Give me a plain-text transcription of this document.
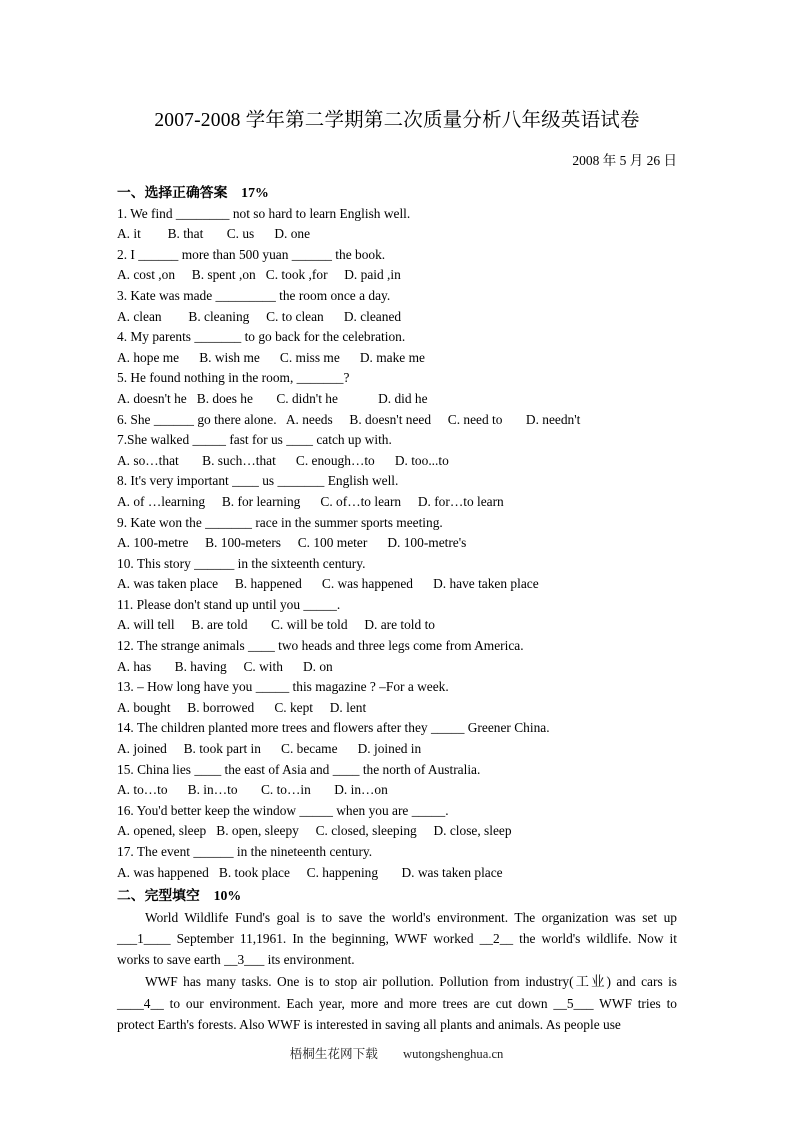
2007-2008 学年第二学期第二次质量分析八年级英语试卷
2008 年 5 月 26 日
一、选择正确答案    17%
1. We find ________ not so hard to learn English well.
A. it        B. that       C. us      D. one
2. I ______ more than 500 yuan ______ the book.
A. cost ,on     B. spent ,on   C. took ,for     D. paid ,in
3. Kate was made _________ the room once a day.
A. clean        B. cleaning     C. to clean      D. cleaned
4. My parents _______ to go back for the celebration.
A. hope me      B. wish me      C. miss me      D. make me
5. He found nothing in the room, _______?
A. doesn't he   B. does he       C. didn't he            D. did he
6. She ______ go there alone.   A. needs     B. doesn't need     C. need to       D. needn't
7.She walked _____ fast for us ____ catch up with.
A. so…that       B. such…that      C. enough…to      D. too...to
8. It's very important ____ us _______ English well.
A. of …learning     B. for learning      C. of…to learn     D. for…to learn
9. Kate won the _______ race in the summer sports meeting.
A. 100-metre     B. 100-meters     C. 100 meter      D. 100-metre's
10. This story ______ in the sixteenth century.
A. was taken place     B. happened      C. was happened      D. have taken place
11. Please don't stand up until you _____.
A. will tell     B. are told       C. will be told     D. are told to
12. The strange animals ____ two heads and three legs come from America.
A. has       B. having     C. with      D. on
13. – How long have you _____ this magazine ? –For a week.
A. bought     B. borrowed      C. kept     D. lent
14. The children planted more trees and flowers after they _____ Greener China.
A. joined     B. took part in      C. became      D. joined in
15. China lies ____ the east of Asia and ____ the north of Australia.
A. to…to      B. in…to       C. to…in       D. in…on
16. You'd better keep the window _____ when you are _____.
A. opened, sleep   B. open, sleepy     C. closed, sleeping     D. close, sleep
17. The event ______ in the nineteenth century.
A. was happened   B. took place     C. happening       D. was taken place
二、完型填空    10%

World Wildlife Fund's goal is to save the world's environment. The organization was set up ___1____ September 11,1961. In the beginning, WWF worked __2__ the world's wildlife. Now it works to save earth __3___ its environment.

WWF has many tasks. One is to stop air pollution. Pollution from industry(工业) and cars is ____4__ to our environment. Each year, more and more trees are cut down __5___ WWF tries to protect Earth's forests. Also WWF is interested in saving all plants and animals. As people use

梧桐生花网下载        wutongshenghua.cn
